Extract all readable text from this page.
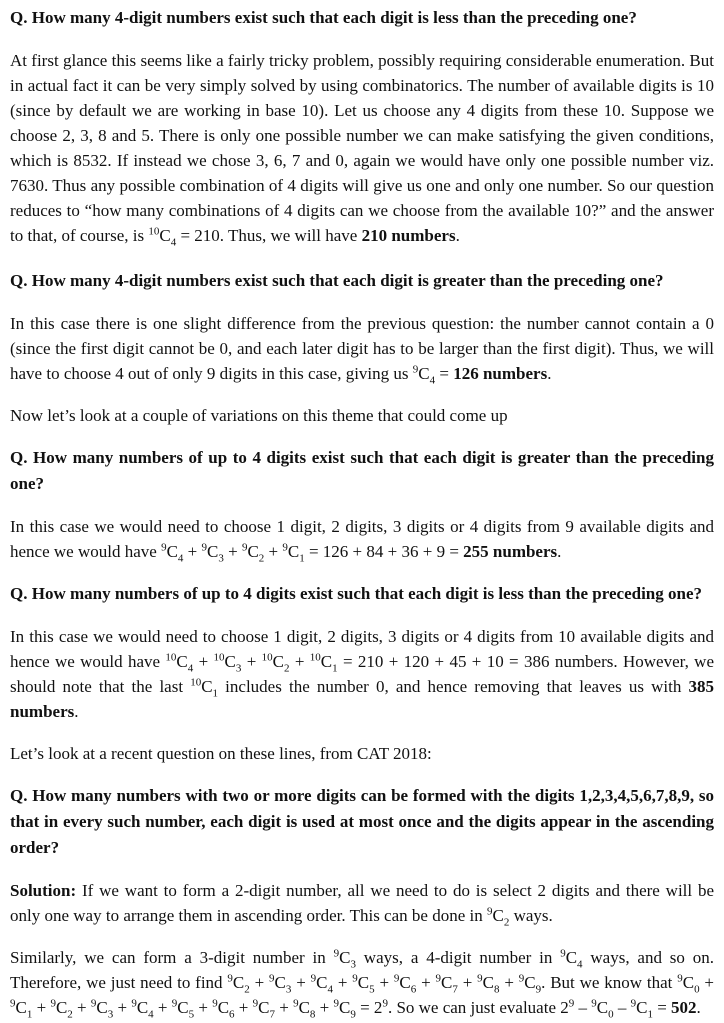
Q. How many 4-digit numbers exist such that each digit is less than the preceding one?

At first glance this seems like a fairly tricky problem, possibly requiring considerable enumeration. But in actual fact it can be very simply solved by using combinatorics. The number of available digits is 10 (since by default we are working in base 10). Let us choose any 4 digits from these 10. Suppose we choose 2, 3, 8 and 5. There is only one possible number we can make satisfying the given conditions, which is 8532. If instead we chose 3, 6, 7 and 0, again we would have only one possible number viz. 7630. Thus any possible combination of 4 digits will give us one and only one number. So our question reduces to “how many combinations of 4 digits can we choose from the available 10?” and the answer to that, of course, is $^{10}C_4 = 210$. Thus, we will have 210 numbers.

Q. How many 4-digit numbers exist such that each digit is greater than the preceding one?

In this case there is one slight difference from the previous question: the number cannot contain a 0 (since the first digit cannot be 0, and each later digit has to be larger than the first digit). Thus, we will have to choose 4 out of only 9 digits in this case, giving us $^9C_4 = 126$ numbers.

Now let’s look at a couple of variations on this theme that could come up

Q. How many numbers of up to 4 digits exist such that each digit is greater than the preceding one?

In this case we would need to choose 1 digit, 2 digits, 3 digits or 4 digits from 9 available digits and hence we would have $^9C_4 + ^9C_3 + ^9C_2 + ^9C_1 = 126 + 84 + 36 + 9 = 255$ numbers.

Q. How many numbers of up to 4 digits exist such that each digit is less than the preceding one?

In this case we would need to choose 1 digit, 2 digits, 3 digits or 4 digits from 10 available digits and hence we would have $^{10}C_4 + ^{10}C_3 + ^{10}C_2 + ^{10}C_1 = 210 + 120 + 45 + 10 = 386$ numbers. However, we should note that the last $^{10}C_1$ includes the number 0, and hence removing that leaves us with 385 numbers.

Let’s look at a recent question on these lines, from CAT 2018:

Q. How many numbers with two or more digits can be formed with the digits 1,2,3,4,5,6,7,8,9, so that in every such number, each digit is used at most once and the digits appear in the ascending order?

Solution: If we want to form a 2-digit number, all we need to do is select 2 digits and there will be only one way to arrange them in ascending order. This can be done in $^9C_2$ ways.

Similarly, we can form a 3-digit number in $^9C_3$ ways, a 4-digit number in $^9C_4$ ways, and so on. Therefore, we just need to find $^9C_2 + ^9C_3 + ^9C_4 + ^9C_5 + ^9C_6 + ^9C_7 + ^9C_8 + ^9C_9$. But we know that $^9C_0 + ^9C_1 + ^9C_2 + ^9C_3 + ^9C_4 + ^9C_5 + ^9C_6 + ^9C_7 + ^9C_8 + ^9C_9 = 2^9$. So we can just evaluate $2^9 - ^9C_0 - ^9C_1 = 502$.
